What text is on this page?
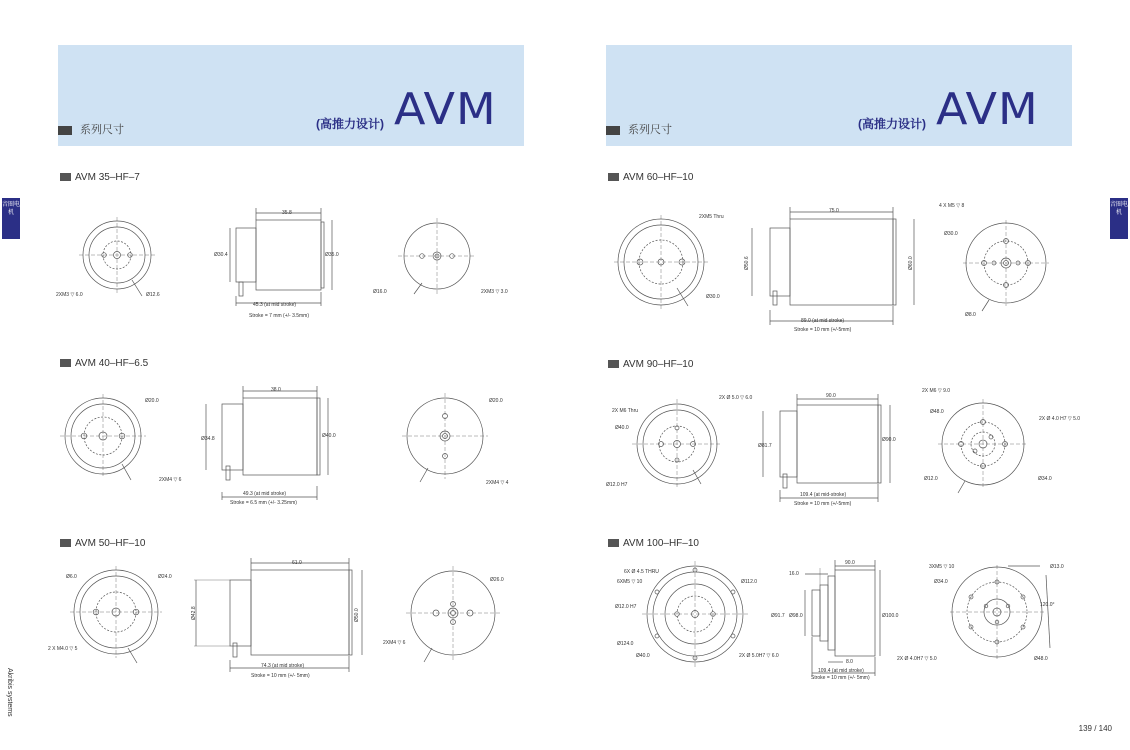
系列尺寸	(高推力设计) AVM	系列尺寸	(高推力设计) AVM
音圈电机
音圈电机
Akribis systems
139 / 140
AVM 35–HF–7
AVM 40–HF–6.5
AVM 50–HF–10
AVM 60–HF–10
AVM 90–HF–10
AVM 100–HF–10
2XM3 ▽ 6.0	Ø12.6
35.8
Ø30.4	Ø35.0
45.3 (at mid stroke)
Stroke = 7 mm (+/- 3.5mm)
Ø16.0	2XM3 ▽ 3.0
Ø20.0
2XM4 ▽ 6
38.0
Ø34.8	Ø40.0
49.3 (at mid stroke)
Stroke = 6.5 mm (+/- 3.25mm)
Ø20.0
2XM4 ▽ 4
Ø6.0	Ø24.0
2 X M4.0 ▽ 5
61.0
Ø42.8	Ø50.0
74.3 (at mid stroke)
Stroke = 10 mm (+/- 5mm)
Ø26.0
2XM4 ▽ 6
2XM5 Thru
Ø30.0
75.0
Ø50.6	Ø60.0
89.0 (at mid stroke)
Stroke = 10 mm (+/-5mm)
4 X M5 ▽ 8
Ø30.0
Ø8.0
2X Ø 5.0 ▽ 6.0
2X M6 Thru
Ø40.0
Ø12.0 H7
90.0
Ø81.7
Ø90.0
109.4 (at mid-stroke)
Stroke = 10 mm (+/-5mm)
2X M6 ▽ 9.0
Ø48.0
2X Ø 4.0 H7 ▽ 5.0
Ø12.0	Ø34.0
6X Ø 4.5 THRU
6XM5 ▽ 10	Ø112.0
Ø12.0 H7
Ø124.0
Ø40.0	2X Ø 5.0H7 ▽ 6.0
16.0
90.0
Ø91.7 Ø98.0	Ø100.0
8.0
109.4 (at mid stroke)
Stroke = 10 mm (+/- 5mm)
3XM5 ▽ 10	Ø13.0
Ø34.0
120.0°
2X Ø 4.0H7 ▽ 5.0	Ø48.0
